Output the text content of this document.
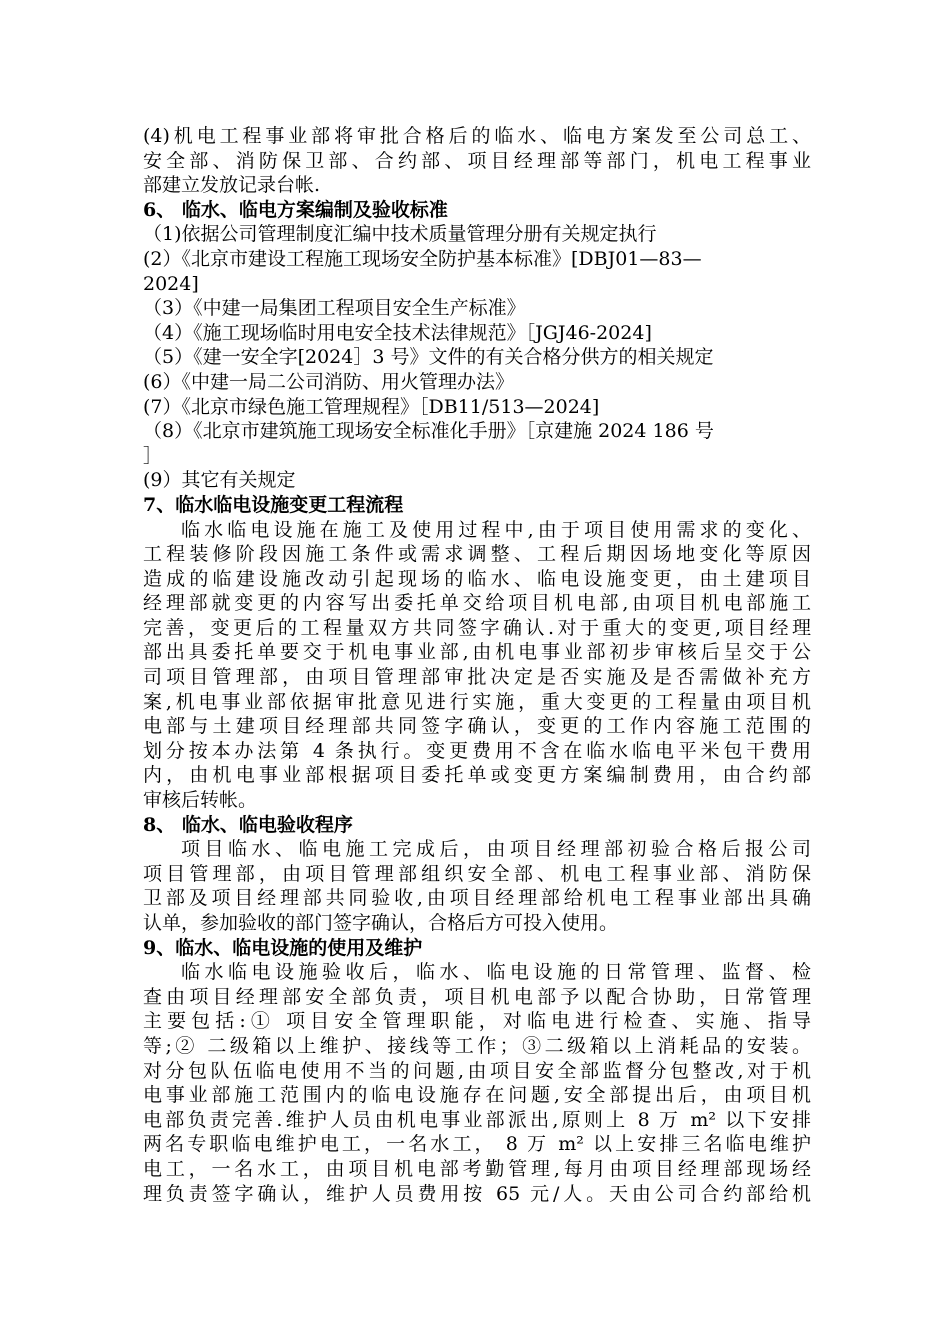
(4)机电工程事业部将审批合格后的临水、临电方案发至公司总工、
安全部、消防保卫部、合约部、项目经理部等部门，机电工程事业
部建立发放记录台帐.
6、 临水、临电方案编制及验收标准
（1)依据公司管理制度汇编中技术质量管理分册有关规定执行
(2）《北京市建设工程施工现场安全防护基本标准》[DBJ01—83—
2024]
（3）《中建一局集团工程项目安全生产标准》
（4）《施工现场临时用电安全技术法律规范》［JGJ46-2024]
（5）《建一安全字[2024］3 号》文件的有关合格分供方的相关规定
(6）《中建一局二公司消防、用火管理办法》
(7）《北京市绿色施工管理规程》［DB11/513—2024]
（8）《北京市建筑施工现场安全标准化手册》［京建施 2024 186 号
］
(9）其它有关规定
7、临水临电设施变更工程流程
临水临电设施在施工及使用过程中,由于项目使用需求的变化、
工程装修阶段因施工条件或需求调整、工程后期因场地变化等原因
造成的临建设施改动引起现场的临水、临电设施变更，由土建项目
经理部就变更的内容写出委托单交给项目机电部,由项目机电部施工
完善，变更后的工程量双方共同签字确认.对于重大的变更,项目经理
部出具委托单要交于机电事业部,由机电事业部初步审核后呈交于公
司项目管理部，由项目管理部审批决定是否实施及是否需做补充方
案,机电事业部依据审批意见进行实施，重大变更的工程量由项目机
电部与土建项目经理部共同签字确认，变更的工作内容施工范围的
划分按本办法第 4 条执行。变更费用不含在临水临电平米包干费用
内，由机电事业部根据项目委托单或变更方案编制费用，由合约部
审核后转帐。
8、 临水、临电验收程序
项目临水、临电施工完成后，由项目经理部初验合格后报公司
项目管理部，由项目管理部组织安全部、机电工程事业部、消防保
卫部及项目经理部共同验收,由项目经理部给机电工程事业部出具确
认单，参加验收的部门签字确认，合格后方可投入使用。
9、临水、临电设施的使用及维护
临水临电设施验收后，临水、临电设施的日常管理、监督、检
查由项目经理部安全部负责，项目机电部予以配合协助，日常管理
主要包括:① 项目安全管理职能，对临电进行检查、实施、指导
等;② 二级箱以上维护、接线等工作；③二级箱以上消耗品的安装。
对分包队伍临电使用不当的问题,由项目安全部监督分包整改,对于机
电事业部施工范围内的临电设施存在问题,安全部提出后，由项目机
电部负责完善.维护人员由机电事业部派出,原则上 8 万 m² 以下安排
两名专职临电维护电工，一名水工， 8 万 m² 以上安排三名临电维护
电工，一名水工，由项目机电部考勤管理,每月由项目经理部现场经
理负责签字确认，维护人员费用按 65 元/人。天由公司合约部给机
